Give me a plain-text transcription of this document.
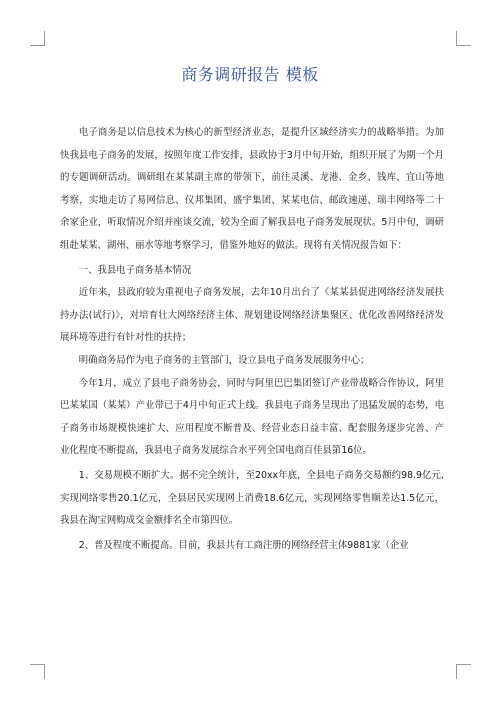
商务调研报告 模板

电子商务是以信息技术为核心的新型经济业态，是提升区域经济实力的战略举措。为加快我县电子商务的发展，按照年度工作安排，县政协于3月中旬开始，组织开展了为期一个月的专题调研活动。调研组在某某副主席的带领下，前往灵溪、龙港、金乡、钱库、宜山等地考察，实地走访了易网信息、仪邦集团、盛宇集团、某某电信、邮政速递、瑞丰网络等二十余家企业，听取情况介绍并座谈交流，较为全面了解我县电子商务发展现状。5月中旬，调研组赴某某、湖州、丽水等地考察学习，借鉴外地好的做法。现将有关情况报告如下：

一、我县电子商务基本情况

近年来，县政府较为重视电子商务发展，去年10月出台了《某某县促进网络经济发展扶持办法(试行)》，对培育壮大网络经济主体、规划建设网络经济集聚区、优化改善网络经济发展环境等进行有针对性的扶持；

明确商务局作为电子商务的主管部门，设立县电子商务发展服务中心；

今年1月，成立了县电子商务协会，同时与阿里巴巴集团签订产业带战略合作协议，阿里巴某某国（某某）产业带已于4月中旬正式上线。我县电子商务呈现出了迅猛发展的态势，电子商务市场规模快速扩大、应用程度不断普及、经营业态日益丰富、配套服务逐步完善、产业化程度不断提高，我县电子商务发展综合水平列全国电商百佳县第16位。

1、交易规模不断扩大。据不完全统计，至20xx年底，全县电子商务交易额约98.9亿元,实现网络零售20.1亿元，全县居民实现网上消费18.6亿元，实现网络零售顺差达1.5亿元，我县在淘宝网购成交金额排名全市第四位。

2、普及程度不断提高。目前，我县共有工商注册的网络经营主体9881家（企业
